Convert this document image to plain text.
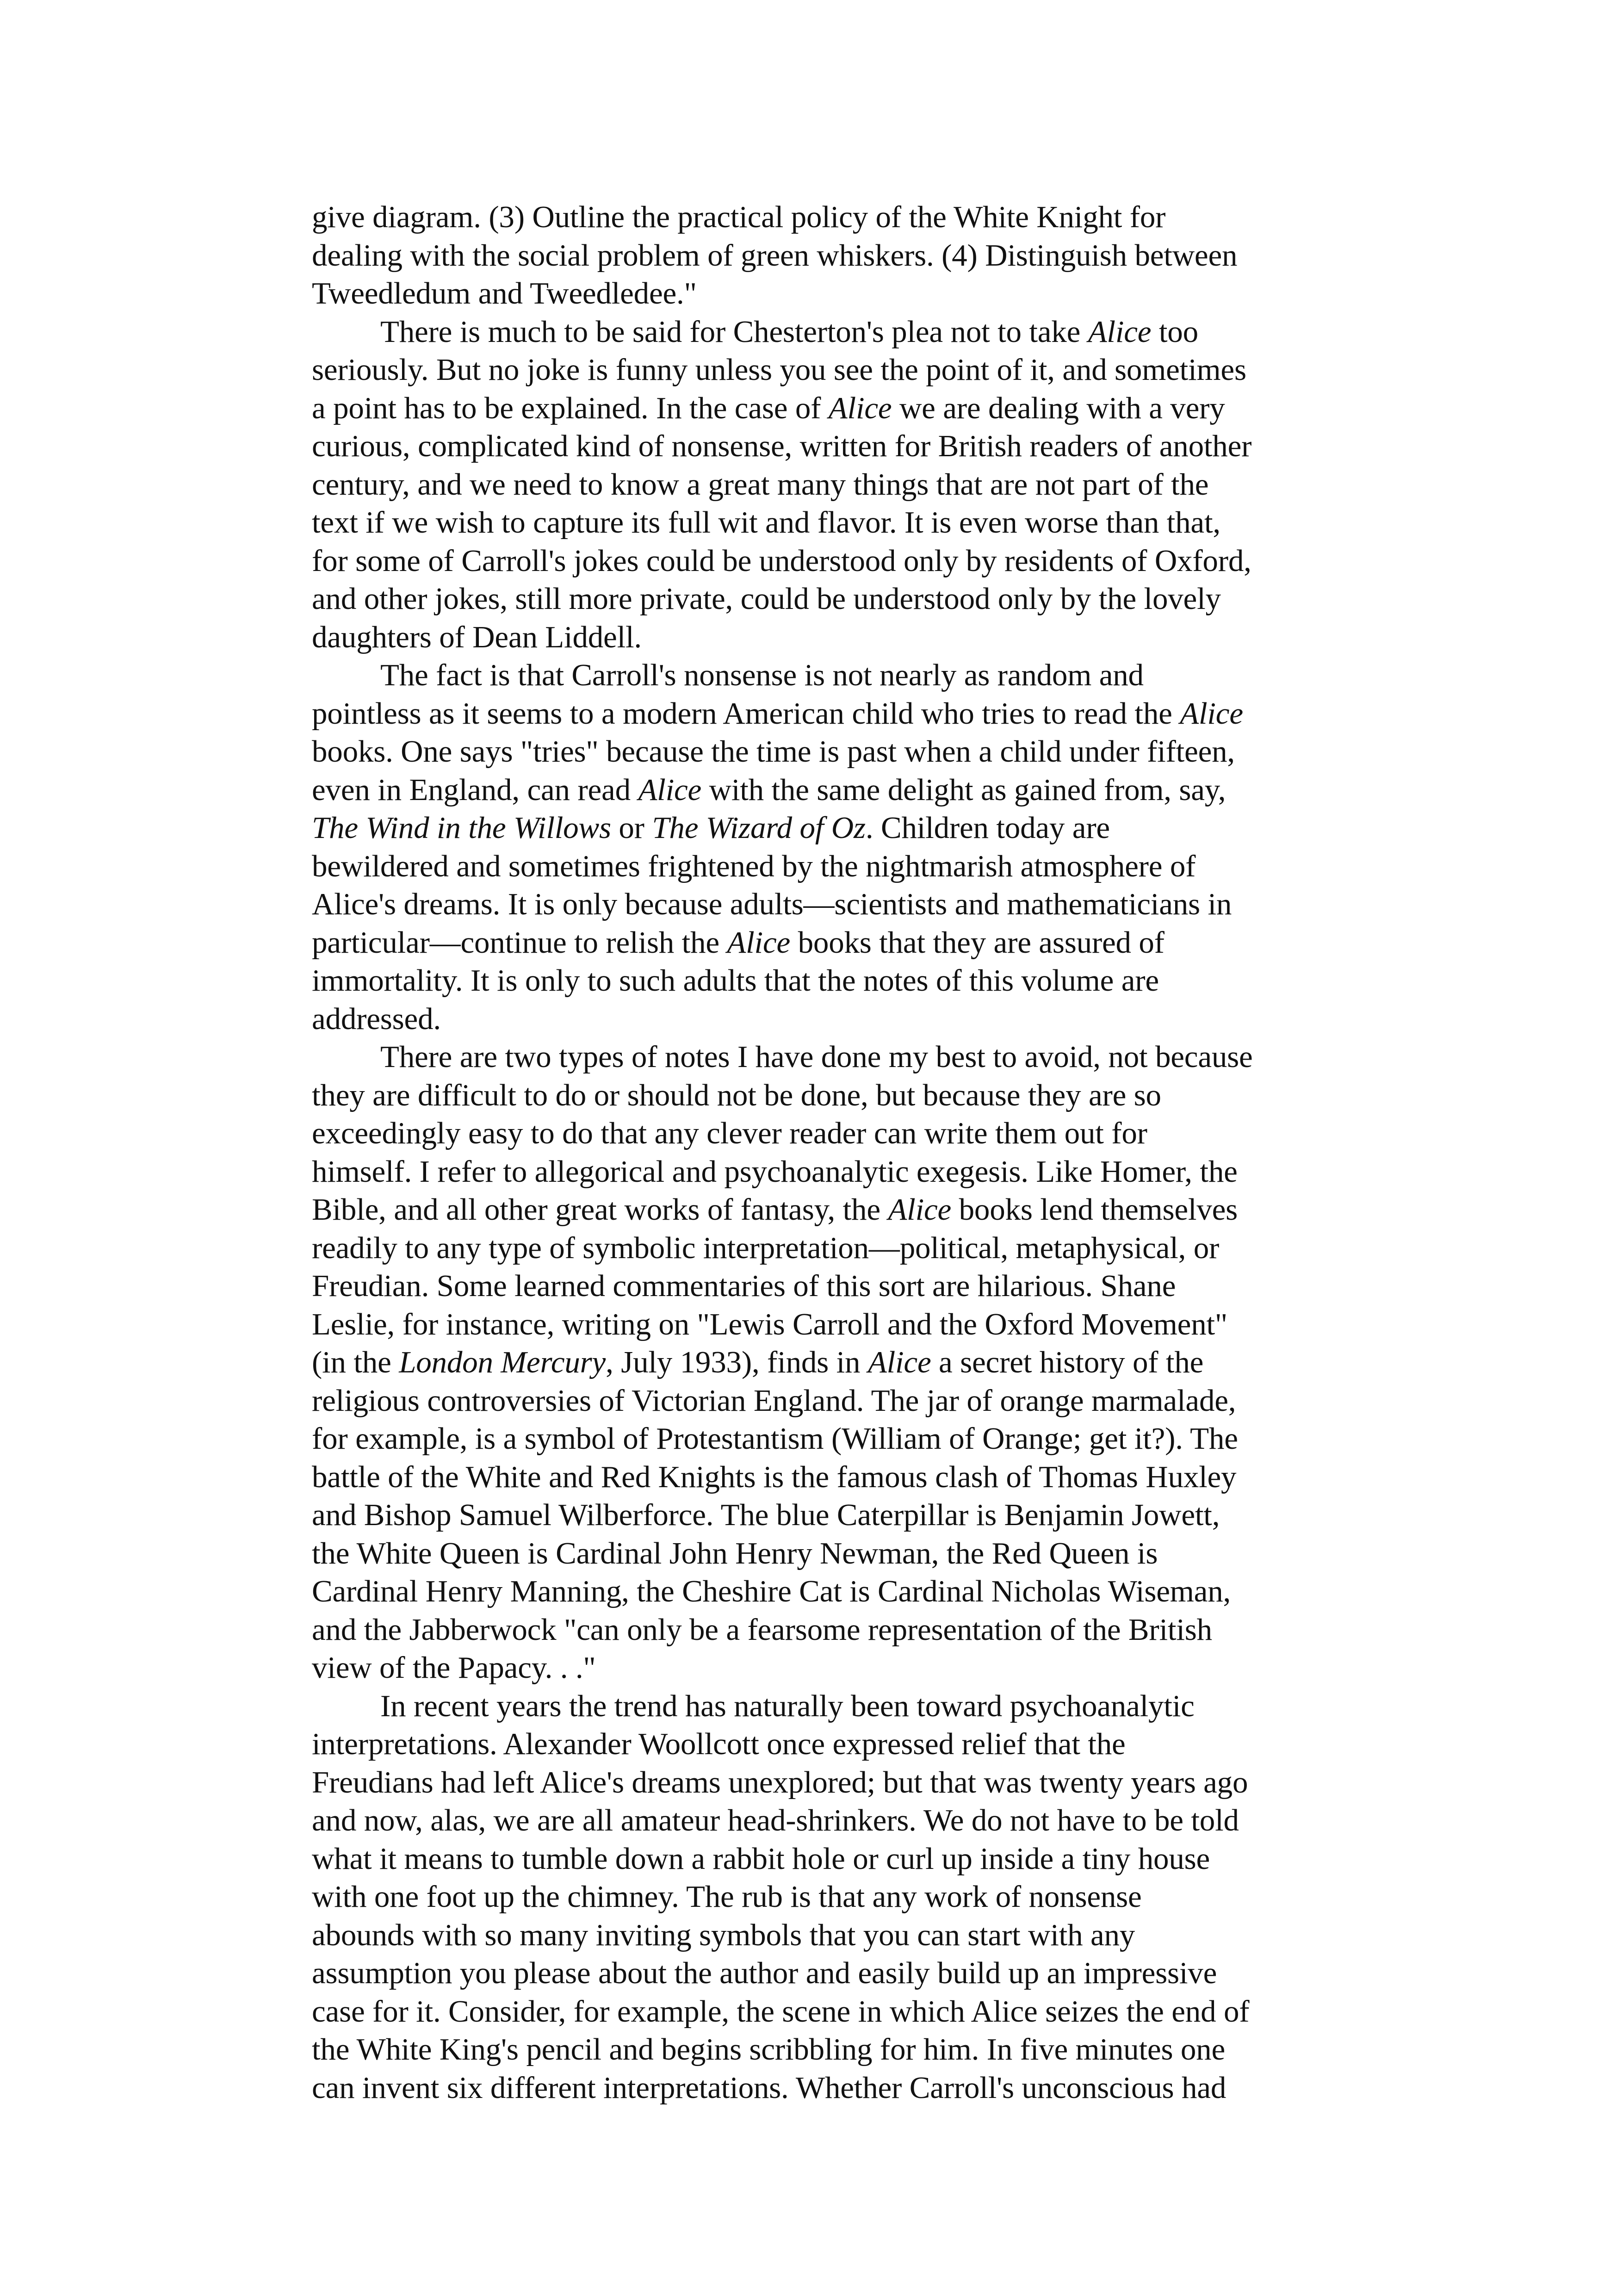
give diagram. (3) Outline the practical policy of the White Knight for
dealing with the social problem of green whiskers. (4) Distinguish between
Tweedledum and Tweedledee."
There is much to be said for Chesterton's plea not to take Alice too
seriously. But no joke is funny unless you see the point of it, and sometimes
a point has to be explained. In the case of Alice we are dealing with a very
curious, complicated kind of nonsense, written for British readers of another
century, and we need to know a great many things that are not part of the
text if we wish to capture its full wit and flavor. It is even worse than that,
for some of Carroll's jokes could be understood only by residents of Oxford,
and other jokes, still more private, could be understood only by the lovely
daughters of Dean Liddell.
The fact is that Carroll's nonsense is not nearly as random and
pointless as it seems to a modern American child who tries to read the Alice
books. One says "tries" because the time is past when a child under fifteen,
even in England, can read Alice with the same delight as gained from, say,
The Wind in the Willows or The Wizard of Oz. Children today are
bewildered and sometimes frightened by the nightmarish atmosphere of
Alice's dreams. It is only because adults—scientists and mathematicians in
particular—continue to relish the Alice books that they are assured of
immortality. It is only to such adults that the notes of this volume are
addressed.
There are two types of notes I have done my best to avoid, not because
they are difficult to do or should not be done, but because they are so
exceedingly easy to do that any clever reader can write them out for
himself. I refer to allegorical and psychoanalytic exegesis. Like Homer, the
Bible, and all other great works of fantasy, the Alice books lend themselves
readily to any type of symbolic interpretation—political, metaphysical, or
Freudian. Some learned commentaries of this sort are hilarious. Shane
Leslie, for instance, writing on "Lewis Carroll and the Oxford Movement"
(in the London Mercury, July 1933), finds in Alice a secret history of the
religious controversies of Victorian England. The jar of orange marmalade,
for example, is a symbol of Protestantism (William of Orange; get it?). The
battle of the White and Red Knights is the famous clash of Thomas Huxley
and Bishop Samuel Wilberforce. The blue Caterpillar is Benjamin Jowett,
the White Queen is Cardinal John Henry Newman, the Red Queen is
Cardinal Henry Manning, the Cheshire Cat is Cardinal Nicholas Wiseman,
and the Jabberwock "can only be a fearsome representation of the British
view of the Papacy. . ."
In recent years the trend has naturally been toward psychoanalytic
interpretations. Alexander Woollcott once expressed relief that the
Freudians had left Alice's dreams unexplored; but that was twenty years ago
and now, alas, we are all amateur head-shrinkers. We do not have to be told
what it means to tumble down a rabbit hole or curl up inside a tiny house
with one foot up the chimney. The rub is that any work of nonsense
abounds with so many inviting symbols that you can start with any
assumption you please about the author and easily build up an impressive
case for it. Consider, for example, the scene in which Alice seizes the end of
the White King's pencil and begins scribbling for him. In five minutes one
can invent six different interpretations. Whether Carroll's unconscious had
